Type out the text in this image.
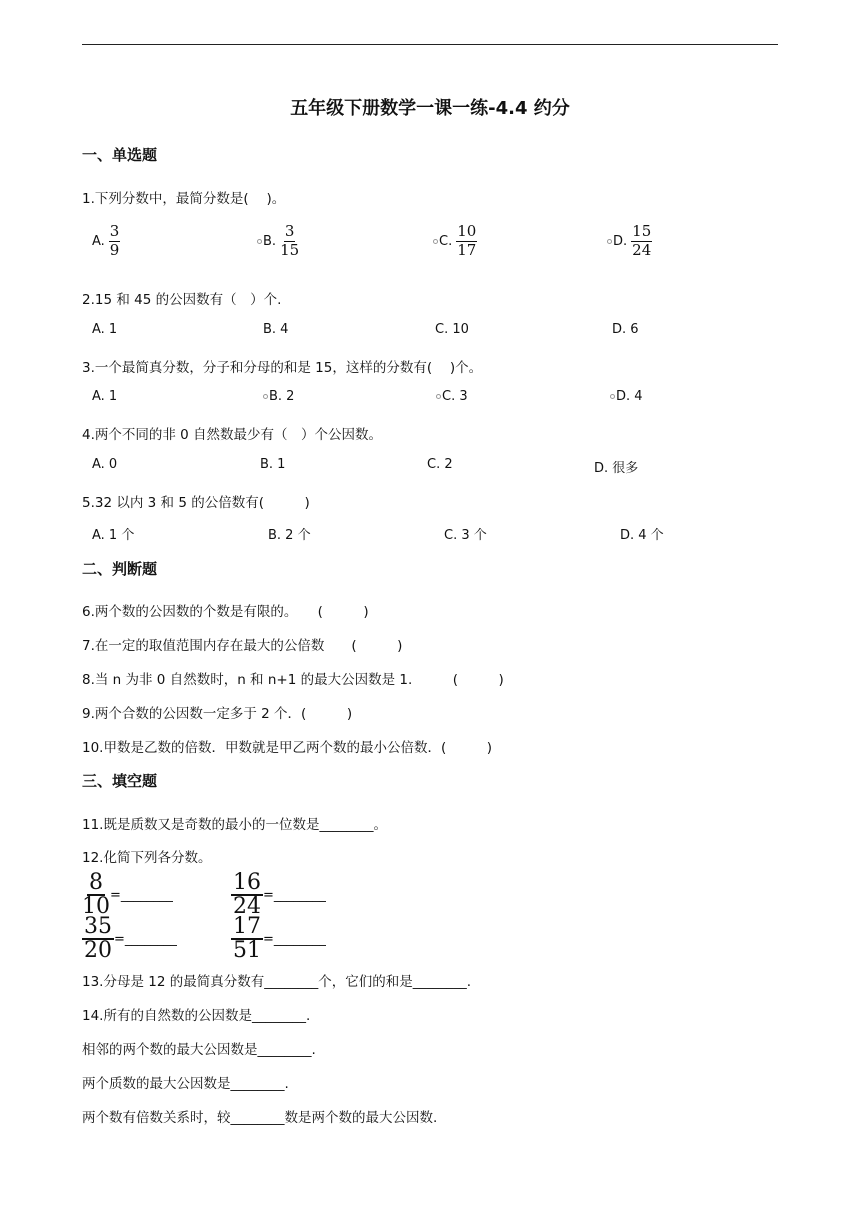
五年级下册数学一课一练-4.4 约分
一、单选题
1.下列分数中，最简分数是(　 )。
A. $\frac{3}{9}$	B. $\frac{3}{15}$	C. $\frac{10}{17}$	D. $\frac{15}{24}$
2.15 和 45 的公因数有（　）个.
A. 1	B. 4	C. 10	D. 6
3.一个最简真分数，分子和分母的和是 15，这样的分数有(　 )个。
A. 1	B. 2	C. 3	D. 4
4.两个不同的非 0 自然数最少有（　）个公因数。
A. 0	B. 1	C. 2	D. 很多
5.32 以内 3 和 5 的公倍数有(　　　)
A. 1 个	B. 2 个	C. 3 个	D. 4 个
二、判断题
6.两个数的公因数的个数是有限的。　　(　　　)
7.在一定的取值范围内存在最大的公倍数　　(　　　)
8.当 n 为非 0 自然数时，n 和 n+1 的最大公因数是 1.　　　(　　　)
9.两个合数的公因数一定多于 2 个．(　　　)
10.甲数是乙数的倍数．甲数就是甲乙两个数的最小公倍数．(　　　)
三、填空题
11.既是质数又是奇数的最小的一位数是________。
12.化简下列各分数。
$\frac{8}{10}$ =________	$\frac{16}{24}$ =________
$\frac{35}{20}$ =________ $\frac{17}{51}$ =________
13.分母是 12 的最简真分数有________个，它们的和是________.
14.所有的自然数的公因数是________.
相邻的两个数的最大公因数是________.
两个质数的最大公因数是________.
两个数有倍数关系时，较________数是两个数的最大公因数.
